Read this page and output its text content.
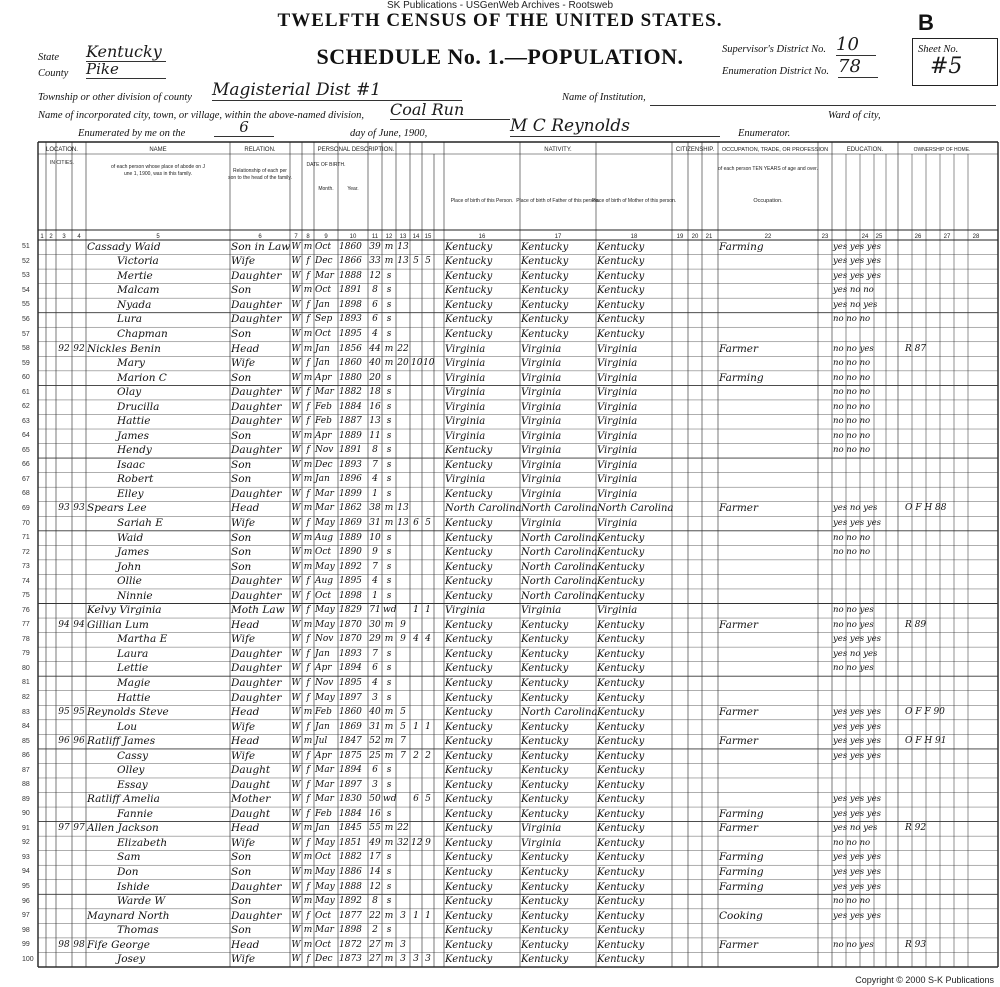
SK Publications - USGenWeb Archives - Rootsweb
TWELFTH CENSUS OF THE UNITED STATES.	B
SCHEDULE No. 1.—POPULATION.
State Kentucky
County Pike
Supervisor's District No. 10
Enumeration District No. 78
Sheet No.
#5
Township or other division of county Magisterial Dist #1	Name of Institution,
Name of incorporated city, town, or village, within the above-named division, Coal Run	Ward of city,
Enumerated by me on the	6	day of June, 1900,	M C Reynolds	Enumerator.
LOCATION.	NAME	RELATION.	PERSONAL DESCRIPTION.	NATIVITY.	CITIZENSHIP. OCCUPATION, TRADE, OR PROFESSION	EDUCATION.	OWNERSHIP OF HOME.
IN CITIES.
of each person whose place of abode on J
une 1, 1900, was in this family.	Relationship of each per
son to the head of the family.
DATE OF BIRTH.
Month.	Year.
Place of birth of this Person. Place of birth of Father of this person.
Place of birth of Mother of this person.
of each person TEN YEARS of age and over.
Occupation.
1 2 3 4	5	6	7 8 9	10	11 12 13 14 15	16	17	18	19 20 21	22	23	24 25	26	27	28
51	Cassady Waid	Son in Law W m Oct 1860 39 m 13	Kentucky	Kentucky	Kentucky	Farming	yes yes yes
52	Victoria	Wife	W f Dec 1866 33 m 13 5 5 Kentucky	Kentucky	Kentucky	yes yes yes
53	Mertie	Daughter	W f Mar 1888 12 s	Kentucky	Kentucky	Kentucky	yes yes yes
54	Malcam	Son	W m Oct 1891	8 s	Kentucky	Kentucky	Kentucky	yes no no
55	Nyada	Daughter	W f Jan	1898	6 s	Kentucky	Kentucky	Kentucky	yes no yes
56	Lura	Daughter	W f Sep 1893	6 s	Kentucky	Kentucky	Kentucky	no no no
57	Chapman	Son	W m Oct 1895	4 s	Kentucky	Kentucky	Kentucky
58	92 92 Nickles Benin	Head	W m Jan	1856 44 m 22	Virginia	Virginia	Virginia	Farmer	no no yes	R 87
59	Mary	Wife	W f Jan	1860 40 m 20 10 10 Virginia	Virginia	Virginia	no no no
60	Marion C	Son	W m Apr 1880 20 s	Virginia	Virginia	Virginia	Farming	no no no
61	Olay	Daughter	W f Mar 1882 18 s	Virginia	Virginia	Virginia	no no no
62	Drucilla	Daughter	W f Feb 1884 16 s	Virginia	Virginia	Virginia	no no no
63	Hattie	Daughter	W f Feb 1887 13 s	Virginia	Virginia	Virginia	no no no
64	James	Son	W m Apr 1889 11 s	Virginia	Virginia	Virginia	no no no
65	Hendy	Daughter	W f Nov 1891	8 s	Kentucky	Virginia	Virginia	no no no
66	Isaac	Son	W m Dec 1893	7 s	Kentucky	Virginia	Virginia
67	Robert	Son	W m Jan	1896	4 s	Virginia	Virginia	Virginia
68	Elley	Daughter	W f Mar 1899	1 s	Kentucky	Virginia	Virginia
69	93 93 Spears Lee	Head	W m Mar 1862 38 m 13	North Carolina North Carolina North Carolina	Farmer	yes no yes	O F H 88
70	Sariah E	Wife	W f May 1869 31 m 13 6 5 Kentucky	Virginia	Virginia	yes yes yes
71	Waid	Son	W m Aug 1889 10 s	Kentucky	North Carolina Kentucky	no no no
72	James	Son	W m Oct 1890	9 s	Kentucky	North Carolina Kentucky	no no no
73	John	Son	W m May 1892	7 s	Kentucky	North Carolina Kentucky
74	Ollie	Daughter	W f Aug 1895	4 s	Kentucky	North Carolina Kentucky
75	Ninnie	Daughter	W f Oct 1898	1 s	Kentucky	North Carolina Kentucky
76	Kelvy Virginia	Moth Law W f May 1829 71 wd 1 1 Virginia	Virginia	Virginia	no no yes
77	94 94 Gillian Lum	Head	W m May 1870 30 m 9	Kentucky	Kentucky	Kentucky	Farmer	no no yes	R 89
78	Martha E	Wife	W f Nov 1870 29 m 9 4 4 Kentucky	Kentucky	Kentucky	yes yes yes
79	Laura	Daughter	W f Jan	1893	7 s	Kentucky	Kentucky	Kentucky	yes no yes
80	Lettie	Daughter	W f Apr 1894	6 s	Kentucky	Kentucky	Kentucky	no no yes
81	Magie	Daughter	W f Nov 1895	4 s	Kentucky	Kentucky	Kentucky
82	Hattie	Daughter	W f May 1897	3 s	Kentucky	Kentucky	Kentucky
83	95 95 Reynolds Steve	Head	W m Feb 1860 40 m 5	Kentucky	North Carolina Kentucky	Farmer	yes yes yes	O F F 90
84	Lou	Wife	W f Jan	1869 31 m 5 1 1 Kentucky	Kentucky	Kentucky	yes yes yes
85	96 96 Ratliff James	Head	W m Jul	1847 52 m 7	Kentucky	Kentucky	Kentucky	Farmer	yes yes yes	O F H 91
86	Cassy	Wife	W f Apr 1875 25 m 7 2 2 Kentucky	Kentucky	Kentucky	yes yes yes
87	Olley	Daught	W f Mar 1894	6 s	Kentucky	Kentucky	Kentucky
88	Essay	Daught	W f Mar 1897	3 s	Kentucky	Kentucky	Kentucky
89	Ratliff Amelia	Mother	W f Mar 1830 50 wd 6 5 Kentucky	Kentucky	Kentucky	yes yes yes
90	Fannie	Daught	W f Feb 1884 16 s	Kentucky	Kentucky	Kentucky	Farming	yes yes yes
91	97 97 Allen Jackson	Head	W m Jan	1845 55 m 22	Kentucky	Virginia	Kentucky	Farmer	yes no yes	R 92
92	Elizabeth	Wife	W f May 1851 49 m 32 12 9 Kentucky	Virginia	Kentucky	no no no
93	Sam	Son	W m Oct 1882 17 s	Kentucky	Kentucky	Kentucky	Farming	yes yes yes
94	Don	Son	W m May 1886 14 s	Kentucky	Kentucky	Kentucky	Farming	yes yes yes
95	Ishide	Daughter	W f May 1888 12 s	Kentucky	Kentucky	Kentucky	Farming	yes yes yes
96	Warde W	Son	W m May 1892	8 s	Kentucky	Kentucky	Kentucky	no no no
97	Maynard North	Daughter	W f Oct 1877 22 m 3 1 1 Kentucky	Kentucky	Kentucky	Cooking	yes yes yes
98	Thomas	Son	W m Mar 1898	2 s	Kentucky	Kentucky	Kentucky
99	98 98 Fife George	Head	W m Oct 1872 27 m 3	Kentucky	Kentucky	Kentucky	Farmer	no no yes	R 93
100	Josey	Wife	W f Dec 1873 27 m 3 3 3 Kentucky	Kentucky	Kentucky
Copyright © 2000 S-K Publications
